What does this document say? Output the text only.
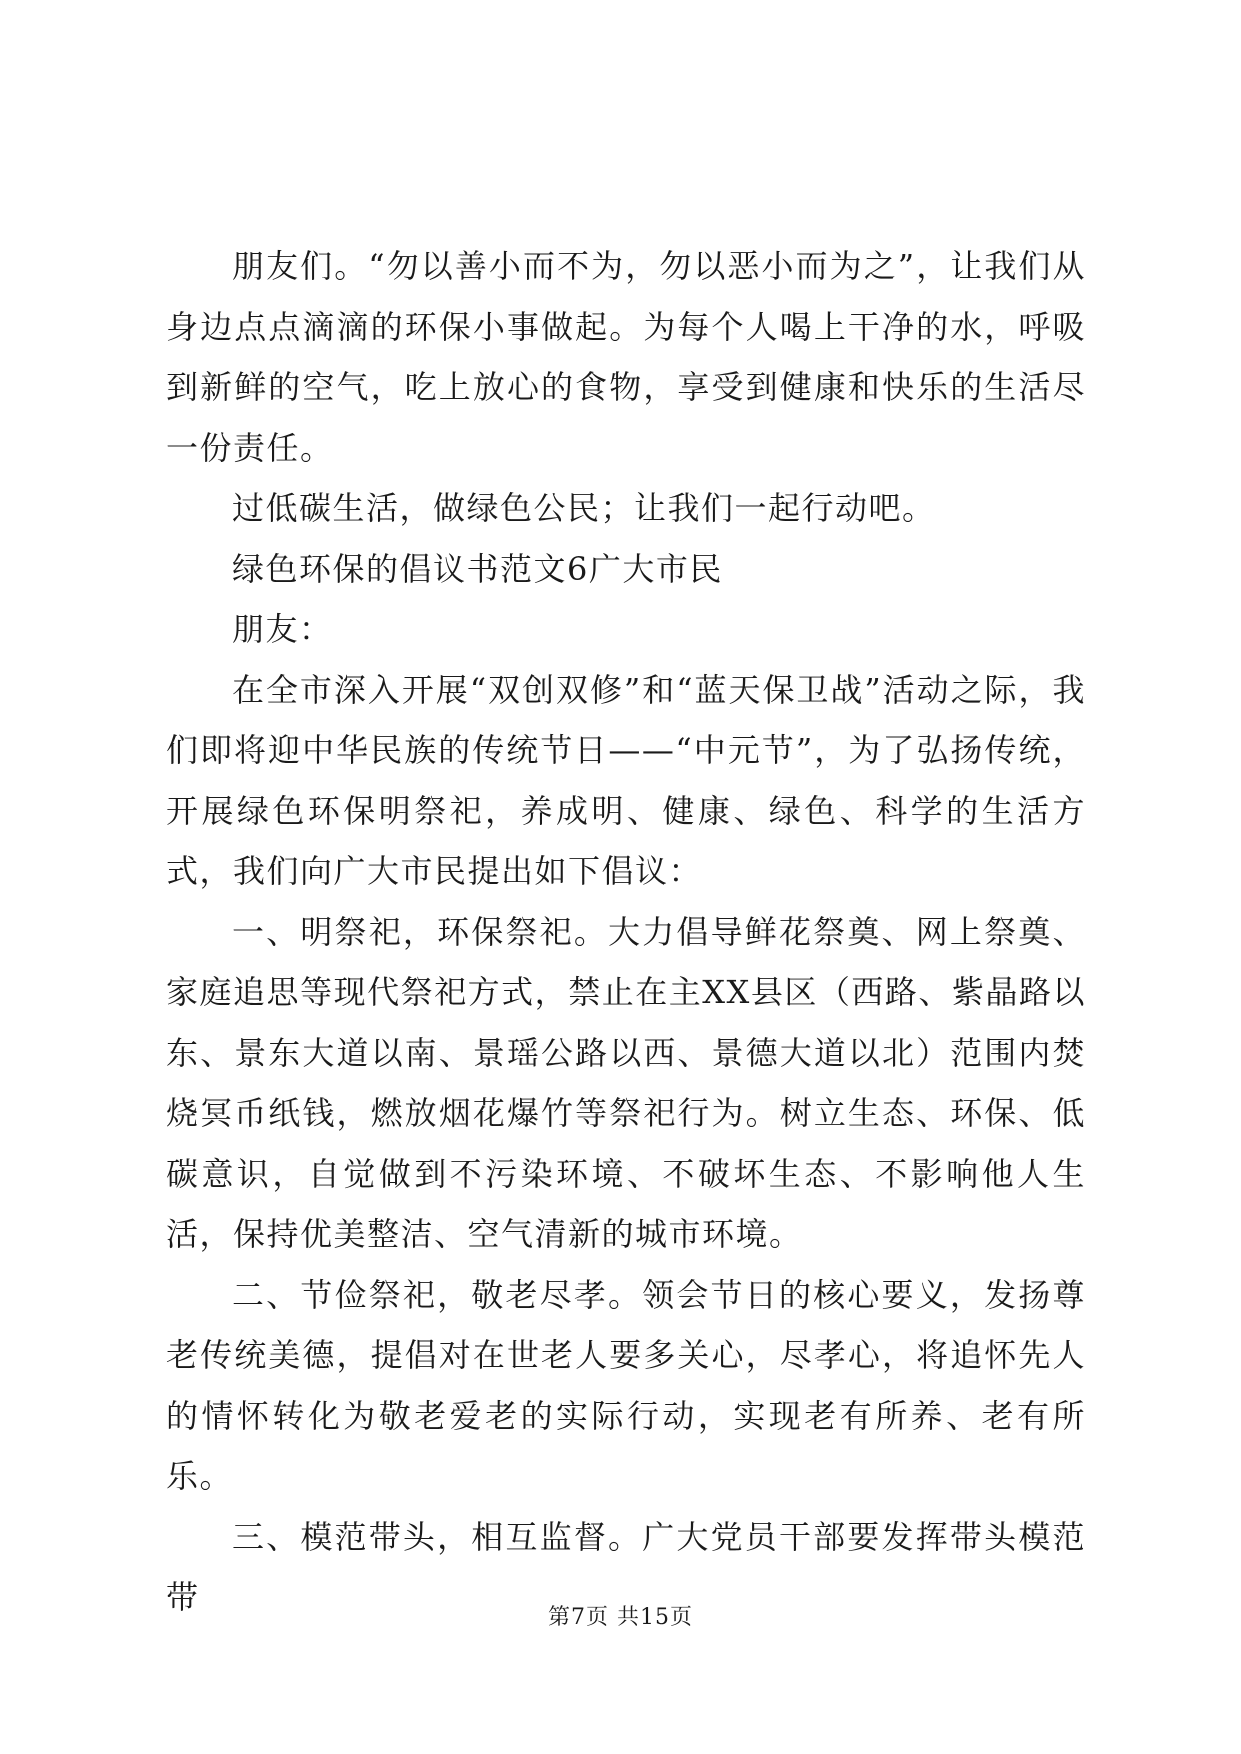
朋友们。“勿以善小而不为，勿以恶小而为之”，让我们从身边点点滴滴的环保小事做起。为每个人喝上干净的水，呼吸到新鲜的空气，吃上放心的食物，享受到健康和快乐的生活尽一份责任。

过低碳生活，做绿色公民；让我们一起行动吧。

绿色环保的倡议书范文6广大市民

朋友：

在全市深入开展“双创双修”和“蓝天保卫战”活动之际，我们即将迎中华民族的传统节日——“中元节”，为了弘扬传统，开展绿色环保明祭祀，养成明、健康、绿色、科学的生活方式，我们向广大市民提出如下倡议：

一、明祭祀，环保祭祀。大力倡导鲜花祭奠、网上祭奠、家庭追思等现代祭祀方式，禁止在主XX县区（西路、紫晶路以东、景东大道以南、景瑶公路以西、景德大道以北）范围内焚烧冥币纸钱，燃放烟花爆竹等祭祀行为。树立生态、环保、低碳意识，自觉做到不污染环境、不破坏生态、不影响他人生活，保持优美整洁、空气清新的城市环境。

二、节俭祭祀，敬老尽孝。领会节日的核心要义，发扬尊老传统美德，提倡对在世老人要多关心，尽孝心，将追怀先人的情怀转化为敬老爱老的实际行动，实现老有所养、老有所乐。

三、模范带头，相互监督。广大党员干部要发挥带头模范带

第7页 共15页
